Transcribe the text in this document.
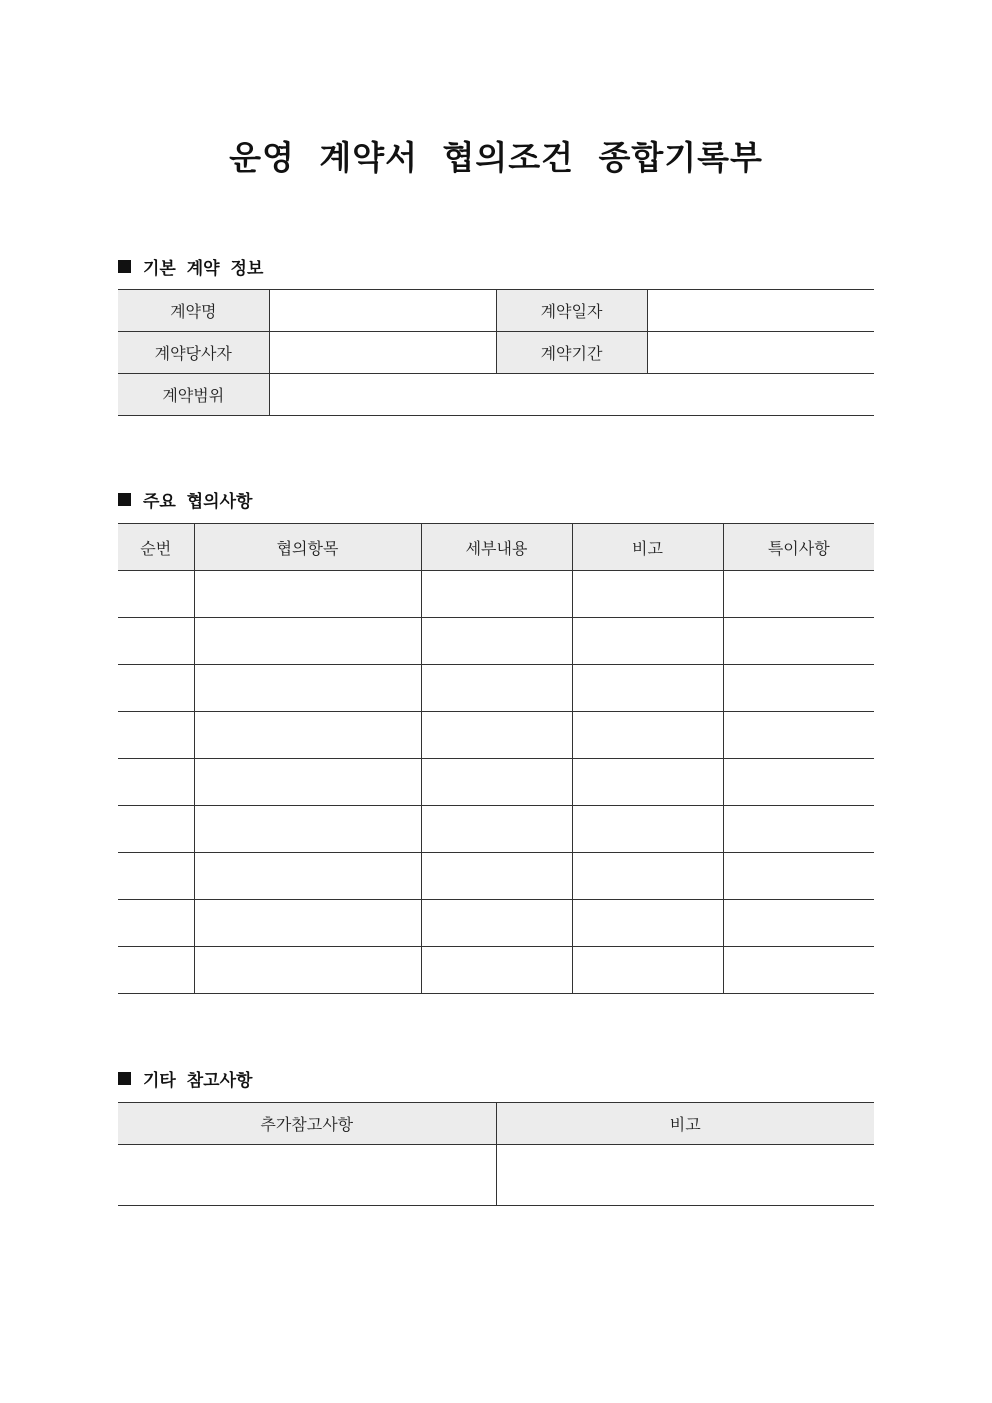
운영 계약서 협의조건 종합기록부
기본 계약 정보
계약명		계약일자	
계약당사자		계약기간	
계약범위			
주요 협의사항
순번	협의항목	세부내용	비고	특이사항

기타 참고사항
추가참고사항	비고
